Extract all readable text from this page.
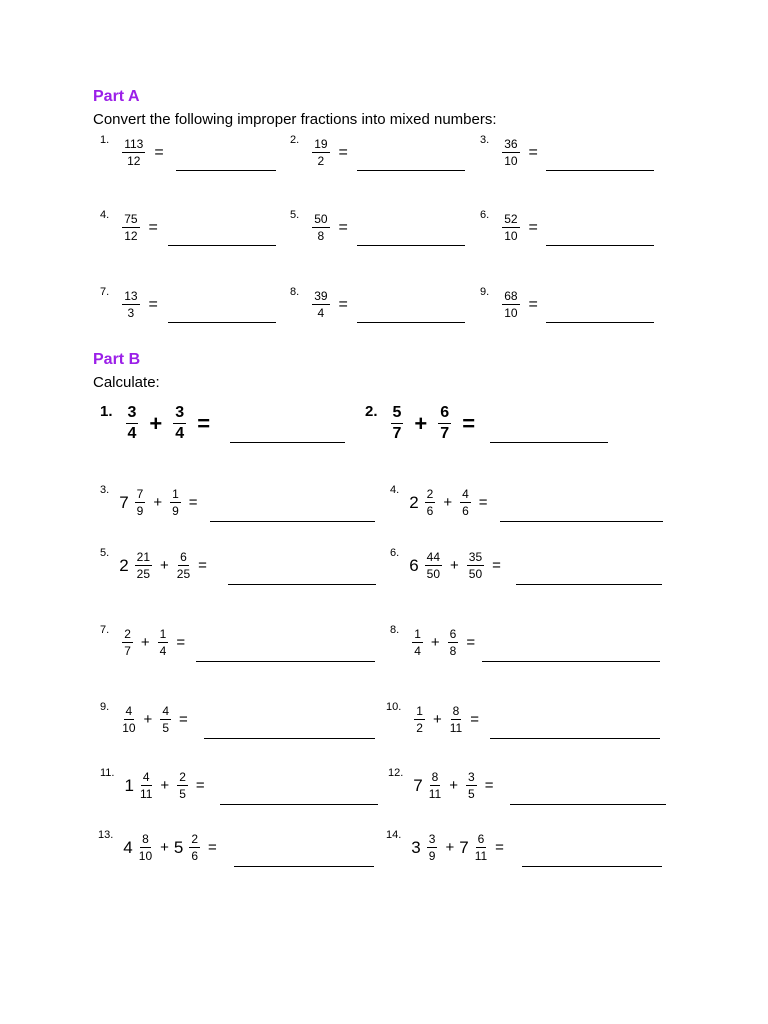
Part A

Convert the following improper fractions into mixed numbers:

1. $\frac{113}{12}$ =
2. $\frac{19}{2}$ =
3. $\frac{36}{10}$ =
4. $\frac{75}{12}$ =
5. $\frac{50}{8}$ =
6. $\frac{52}{10}$ =
7. $\frac{13}{3}$ =
8. $\frac{39}{4}$ =
9. $\frac{68}{10}$ =
Part B

Calculate:

1. $\frac{3}{4} + \frac{3}{4}$ =	2. $\frac{5}{7} + \frac{6}{7}$ =
3.
$7 \frac{7}{9} + \frac{1}{9}$ =
4.
$2 \frac{2}{6} + \frac{4}{6}$ =
5.
$2 \frac{21}{25} + \frac{6}{25}$ =
6.
$6 \frac{44}{50} + \frac{35}{50}$ =
7. $\frac{2}{7} + \frac{1}{4}$ =
8. $\frac{1}{4} + \frac{6}{8}$ =
9. $\frac{4}{10} + \frac{4}{5}$ =
10. $\frac{1}{2} + \frac{8}{11}$ =
11.
$1 \frac{4}{11} + \frac{2}{5}$ =
12.
$7 \frac{8}{11} + \frac{3}{5}$ =
13.
$4 \frac{8}{10} + 5 \frac{2}{6}$ =
14.
$3 \frac{3}{9} + 7 \frac{6}{11}$ =
